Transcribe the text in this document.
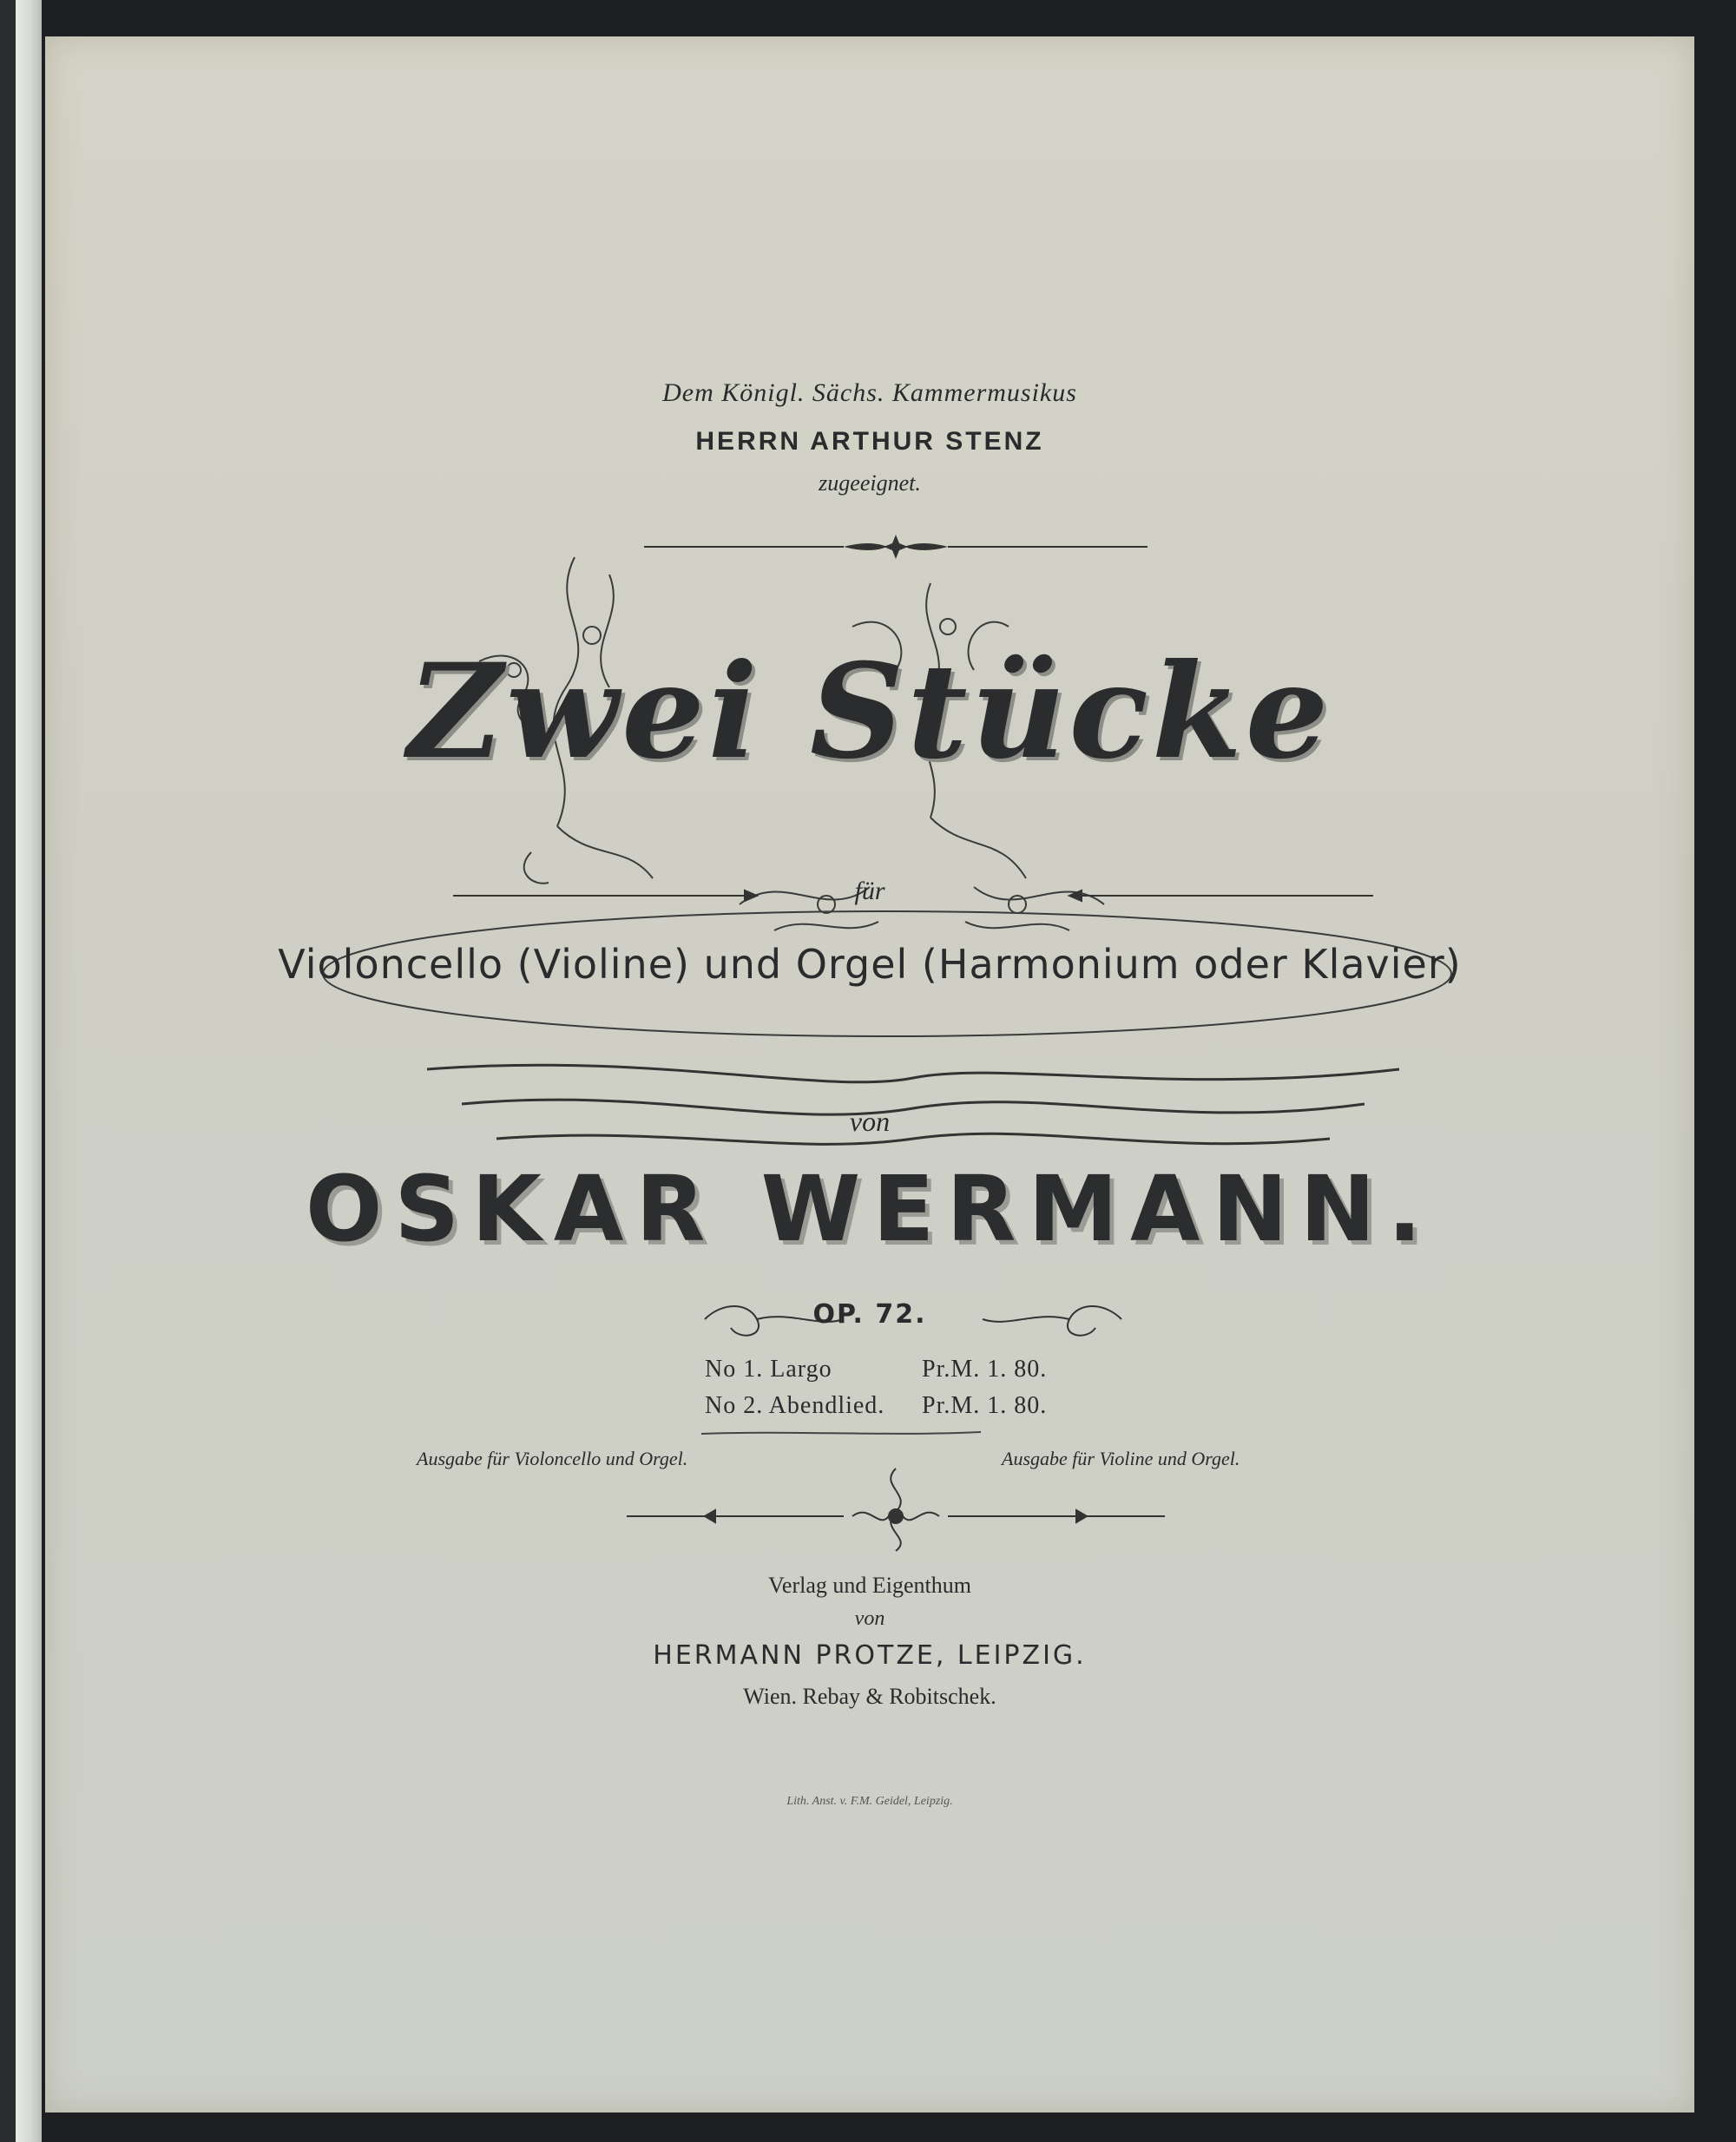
Dem Königl. Sächs. Kammermusikus
HERRN ARTHUR STENZ
zugeeignet.
Zwei Stücke
für
Violoncello (Violine) und Orgel (Harmonium oder Klavier)
von
OSKAR WERMANN.
OP. 72.
No 1. Largo	Pr.M. 1. 80.
No 2. Abendlied. Pr.M. 1. 80.
Ausgabe für Violoncello und Orgel.	Ausgabe für Violine und Orgel.
Verlag und Eigenthum
von
HERMANN PROTZE, LEIPZIG.
Wien. Rebay & Robitschek.
Lith. Anst. v. F.M. Geidel, Leipzig.
